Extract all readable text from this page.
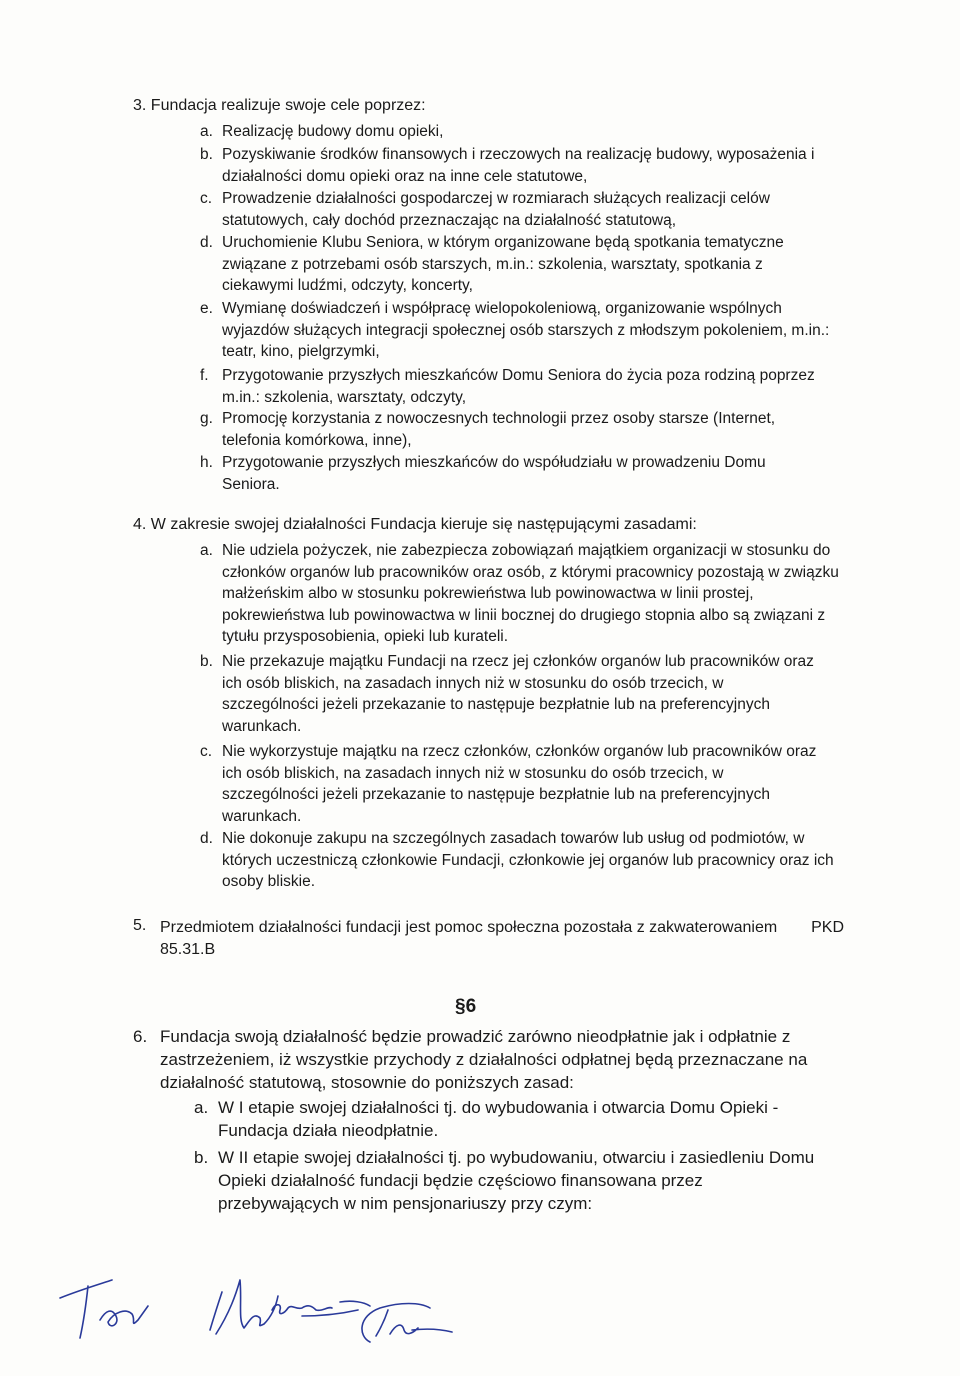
3. Fundacja realizuje swoje cele poprzez:
a. Realizację budowy domu opieki,
b. Pozyskiwanie środków finansowych i rzeczowych na realizację budowy, wyposażenia i działalności domu opieki oraz na inne cele statutowe,
c. Prowadzenie działalności gospodarczej w rozmiarach służących realizacji celów statutowych, cały dochód przeznaczając na działalność statutową,
d. Uruchomienie Klubu Seniora, w którym organizowane będą spotkania tematyczne związane z potrzebami osób starszych, m.in.: szkolenia, warsztaty, spotkania z ciekawymi ludźmi, odczyty, koncerty,
e. Wymianę doświadczeń i współpracę wielopokoleniową, organizowanie wspólnych wyjazdów służących integracji społecznej osób starszych z młodszym pokoleniem, m.in.: teatr, kino, pielgrzymki,
f. Przygotowanie przyszłych mieszkańców Domu Seniora do życia poza rodziną poprzez m.in.: szkolenia, warsztaty, odczyty,
g. Promocję korzystania z nowoczesnych technologii przez osoby starsze (Internet, telefonia komórkowa, inne),
h. Przygotowanie przyszłych mieszkańców do współudziału w prowadzeniu Domu Seniora.
4. W zakresie swojej działalności Fundacja kieruje się następującymi zasadami:
a. Nie udziela pożyczek, nie zabezpiecza zobowiązań majątkiem organizacji w stosunku do członków organów lub pracowników oraz osób, z którymi pracownicy pozostają w związku małżeńskim albo w stosunku pokrewieństwa lub powinowactwa w linii prostej, pokrewieństwa lub powinowactwa w linii bocznej do drugiego stopnia albo są związani z tytułu przysposobienia, opieki lub kurateli.
b. Nie przekazuje majątku Fundacji na rzecz jej członków organów lub pracowników oraz ich osób bliskich, na zasadach innych niż w stosunku do osób trzecich, w szczególności jeżeli przekazanie to następuje bezpłatnie lub na preferencyjnych warunkach.
c. Nie wykorzystuje majątku na rzecz członków, członków organów lub pracowników oraz ich osób bliskich, na zasadach innych niż w stosunku do osób trzecich, w szczególności jeżeli przekazanie to następuje bezpłatnie lub na preferencyjnych warunkach.
d. Nie dokonuje zakupu na szczególnych zasadach towarów lub usług od podmiotów, w których uczestniczą członkowie Fundacji, członkowie jej organów lub pracownicy oraz ich osoby bliskie.
5. Przedmiotem działalności fundacji jest pomoc społeczna pozostała z zakwaterowaniem PKD
85.31.B
§6
6. Fundacja swoją działalność będzie prowadzić zarówno nieodpłatnie jak i odpłatnie z zastrzeżeniem, iż wszystkie przychody z działalności odpłatnej będą przeznaczane na działalność statutową, stosownie do poniższych zasad:
a. W I etapie swojej działalności tj. do wybudowania i otwarcia Domu Opieki - Fundacja działa nieodpłatnie.
b. W II etapie swojej działalności tj. po wybudowaniu, otwarciu i zasiedleniu Domu Opieki działalność fundacji będzie częściowo finansowana przez przebywających w nim pensjonariuszy przy czym:
